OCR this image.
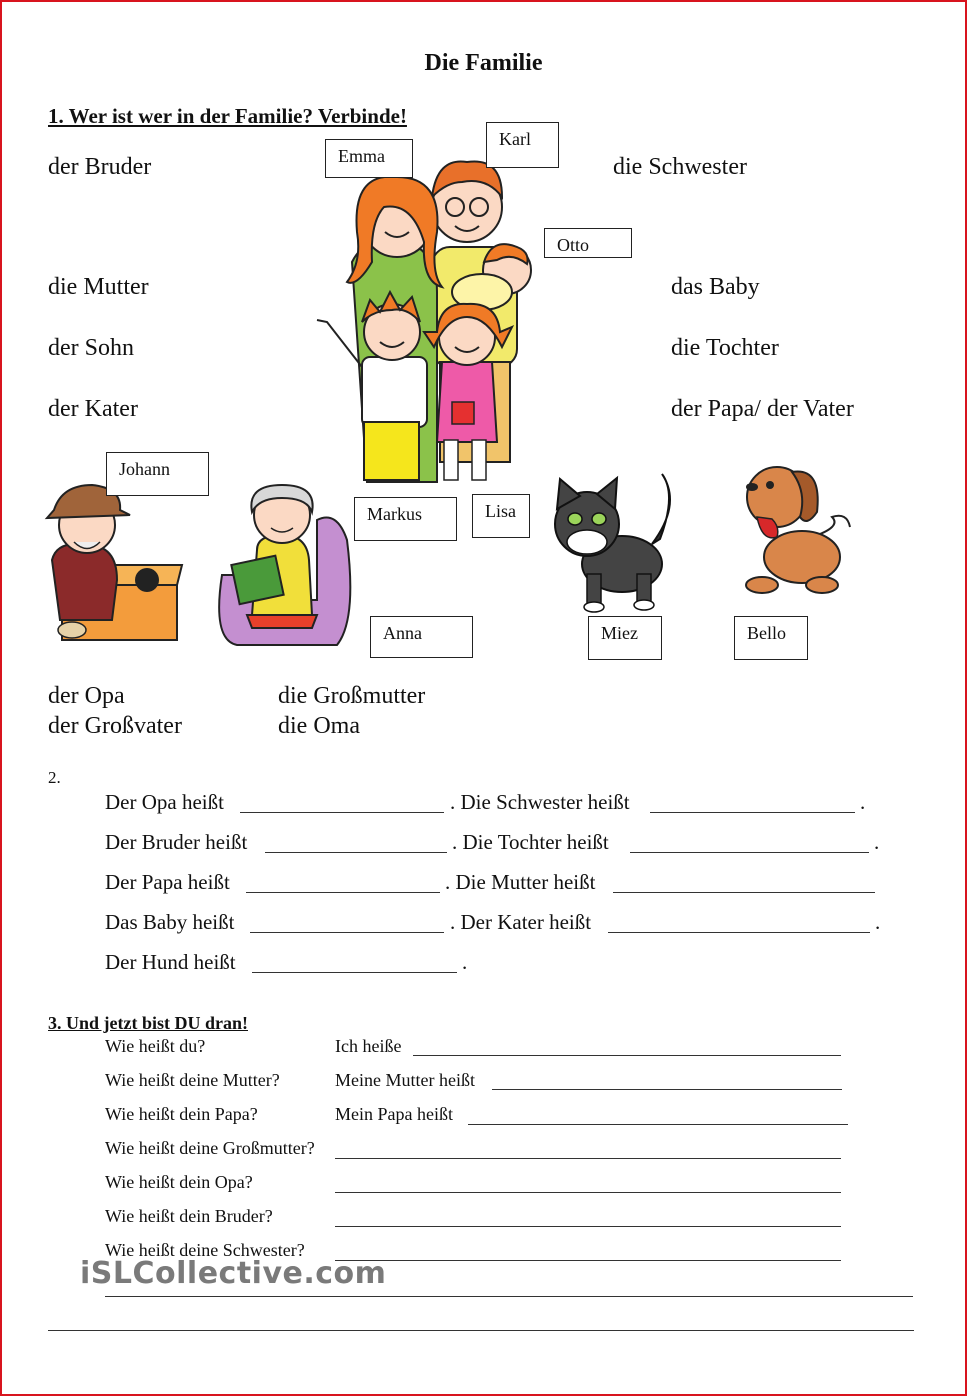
Die Familie
1. Wer ist wer in der Familie? Verbinde!
der Bruder	die Schwester
die Mutter	das Baby
der Sohn	die Tochter
der Kater	der Papa/ der Vater
der Opa
der Großvater
die Großmutter
die Oma
Emma
Karl
Otto
Johann
Markus	Lisa
Anna	Miez	Bello
2.
Der Opa heißt	. Die Schwester heißt	.
Der Bruder heißt	. Die Tochter heißt	.
Der Papa heißt	. Die Mutter heißt
Das Baby heißt	. Der Kater heißt	.
Der Hund heißt	.
3. Und jetzt bist DU dran!
Wie heißt du?	Ich heiße
Wie heißt deine Mutter?	Meine Mutter heißt
Wie heißt dein Papa?	Mein Papa heißt
Wie heißt deine Großmutter?
Wie heißt dein Opa?
Wie heißt dein Bruder?
Wie heißt deine Schwester?
iSLCollective.com
